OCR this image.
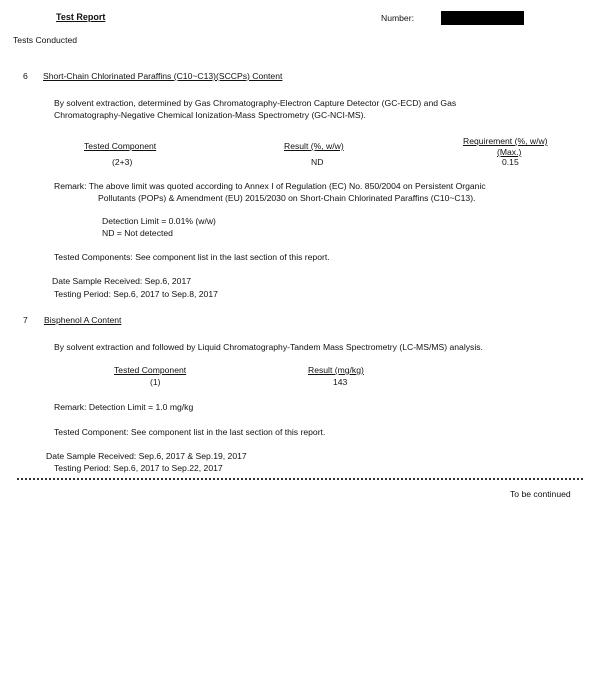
Test Report	Number:
Tests Conducted
6 Short-Chain Chlorinated Paraffins (C10~C13)(SCCPs) Content
By solvent extraction, determined by Gas Chromatography-Electron Capture Detector (GC-ECD) and Gas
Chromatography-Negative Chemical Ionization-Mass Spectrometry (GC-NCI-MS).
Tested Component	Result (%, w/w)	Requirement (%, w/w)
(Max.)
(2+3)	ND	0.15
Remark: The above limit was quoted according to Annex I of Regulation (EC) No. 850/2004 on Persistent Organic
Pollutants (POPs) & Amendment (EU) 2015/2030 on Short-Chain Chlorinated Paraffins (C10~C13).
Detection Limit = 0.01% (w/w)
ND = Not detected
Tested Components: See component list in the last section of this report.
Date Sample Received: Sep.6, 2017
Testing Period: Sep.6, 2017 to Sep.8, 2017
7 Bisphenol A Content
By solvent extraction and followed by Liquid Chromatography-Tandem Mass Spectrometry (LC-MS/MS) analysis.
Tested Component	Result (mg/kg)
(1)	143
Remark: Detection Limit = 1.0 mg/kg
Tested Component: See component list in the last section of this report.
Date Sample Received: Sep.6, 2017 & Sep.19, 2017
Testing Period: Sep.6, 2017 to Sep.22, 2017
To be continued
